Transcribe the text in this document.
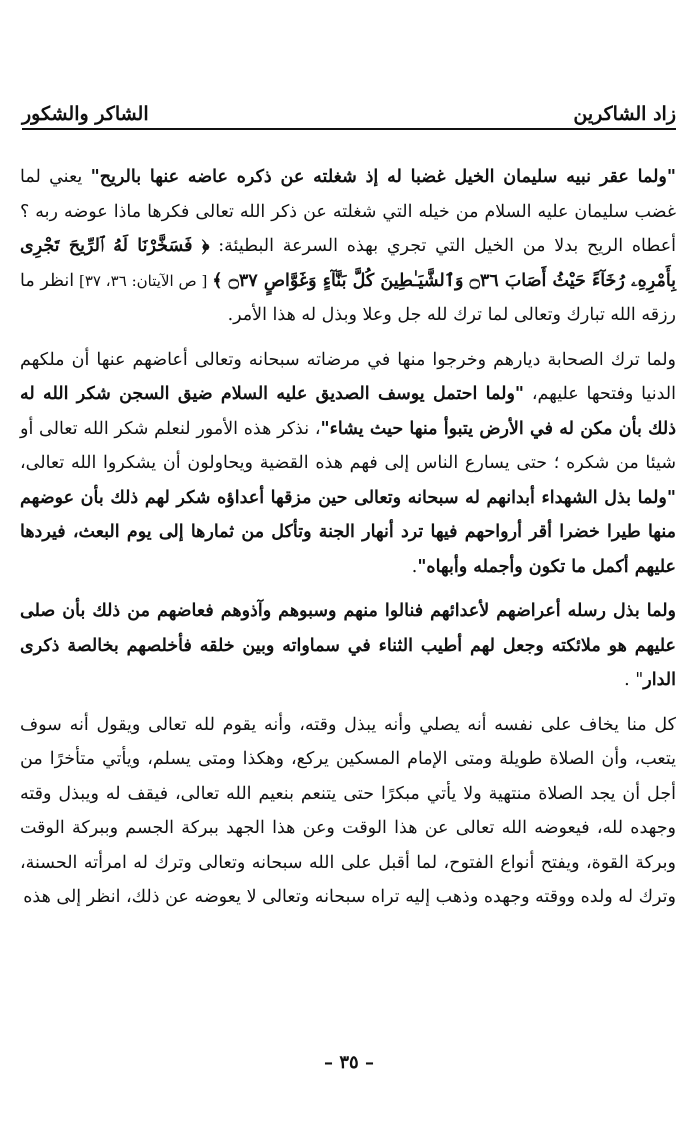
زاد الشاكرين
الشاكر والشكور

"ولما عقر نبيه سليمان الخيل غضبا له إذ شغلته عن ذكره عاضه عنها بالريح" يعني لما غضب سليمان عليه السلام من خيله التي شغلته عن ذكر الله تعالى فكرها ماذا عوضه ربه ؟ أعطاه الريح بدلا من الخيل التي تجري بهذه السرعة البطيئة: ﴿ فَسَخَّرْنَا لَهُ ٱلرِّيحَ تَجْرِى بِأَمْرِهِۦ رُخَآءً حَيْثُ أَصَابَ ۝٣٦ وَٱلشَّيَـٰطِينَ كُلَّ بَنَّآءٍ وَغَوَّاصٍ ۝٣٧ ﴾ [ ص الآيتان: ٣٦، ٣٧] انظر ما رزقه الله تبارك وتعالى لما ترك لله جل وعلا وبذل له هذا الأمر.

ولما ترك الصحابة ديارهم وخرجوا منها في مرضاته سبحانه وتعالى أعاضهم عنها أن ملكهم الدنيا وفتحها عليهم، "ولما احتمل يوسف الصديق عليه السلام ضيق السجن شكر الله له ذلك بأن مكن له في الأرض يتبوأ منها حيث يشاء"، نذكر هذه الأمور لنعلم شكر الله تعالى أو شيئا من شكره ؛ حتى يسارع الناس إلى فهم هذه القضية ويحاولون أن يشكروا الله تعالى، "ولما بذل الشهداء أبدانهم له سبحانه وتعالى حين مزقها أعداؤه شكر لهم ذلك بأن عوضهم منها طيرا خضرا أقر أرواحهم فيها ترد أنهار الجنة وتأكل من ثمارها إلى يوم البعث، فيردها عليهم أكمل ما تكون وأجمله وأبهاه".

ولما بذل رسله أعراضهم لأعدائهم فنالوا منهم وسبوهم وآذوهم فعاضهم من ذلك بأن صلى عليهم هو ملائكته وجعل لهم أطيب الثناء في سماواته وبين خلقه فأخلصهم بخالصة ذكرى الدار" .

كل منا يخاف على نفسه أنه يصلي وأنه يبذل وقته، وأنه يقوم لله تعالى ويقول أنه سوف يتعب، وأن الصلاة طويلة ومتى الإمام المسكين يركع، وهكذا ومتى يسلم، ويأتي متأخرًا من أجل أن يجد الصلاة منتهية ولا يأتي مبكرًا حتى يتنعم بنعيم الله تعالى، فيقف له ويبذل وقته وجهده لله، فيعوضه الله تعالى عن هذا الوقت وعن هذا الجهد ببركة الجسم وببركة الوقت وبركة القوة، ويفتح أنواع الفتوح، لما أقبل على الله سبحانه وتعالى وترك له امرأته الحسنة، وترك له ولده ووقته وجهده وذهب إليه تراه سبحانه وتعالى لا يعوضه عن ذلك، انظر إلى هذه

– ٣٥ –
